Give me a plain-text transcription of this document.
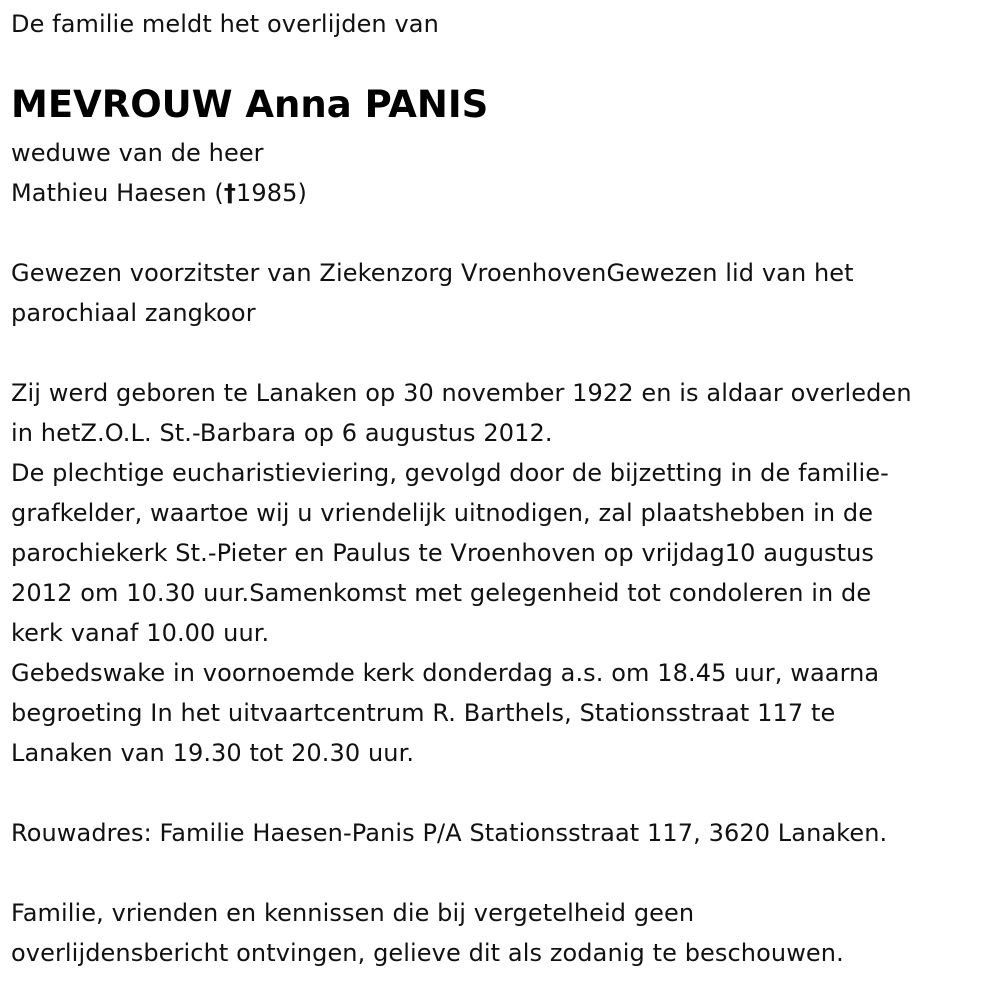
De familie meldt het overlijden van
MEVROUW Anna PANIS
weduwe van de heer
Mathieu Haesen (†1985)
Gewezen voorzitster van Ziekenzorg VroenhovenGewezen lid van het
parochiaal zangkoor
Zij werd geboren te Lanaken op 30 november 1922 en is aldaar overleden
in hetZ.O.L. St.-Barbara op 6 augustus 2012.
De plechtige eucharistieviering, gevolgd door de bijzetting in de familie-
grafkelder, waartoe wij u vriendelijk uitnodigen, zal plaatshebben in de
parochiekerk St.-Pieter en Paulus te Vroenhoven op vrijdag10 augustus
2012 om 10.30 uur.Samenkomst met gelegenheid tot condoleren in de
kerk vanaf 10.00 uur.
Gebedswake in voornoemde kerk donderdag a.s. om 18.45 uur, waarna
begroeting In het uitvaartcentrum R. Barthels, Stationsstraat 117 te
Lanaken van 19.30 tot 20.30 uur.
Rouwadres: Familie Haesen-Panis P/A Stationsstraat 117, 3620 Lanaken.
Familie, vrienden en kennissen die bij vergetelheid geen
overlijdensbericht ontvingen, gelieve dit als zodanig te beschouwen.
